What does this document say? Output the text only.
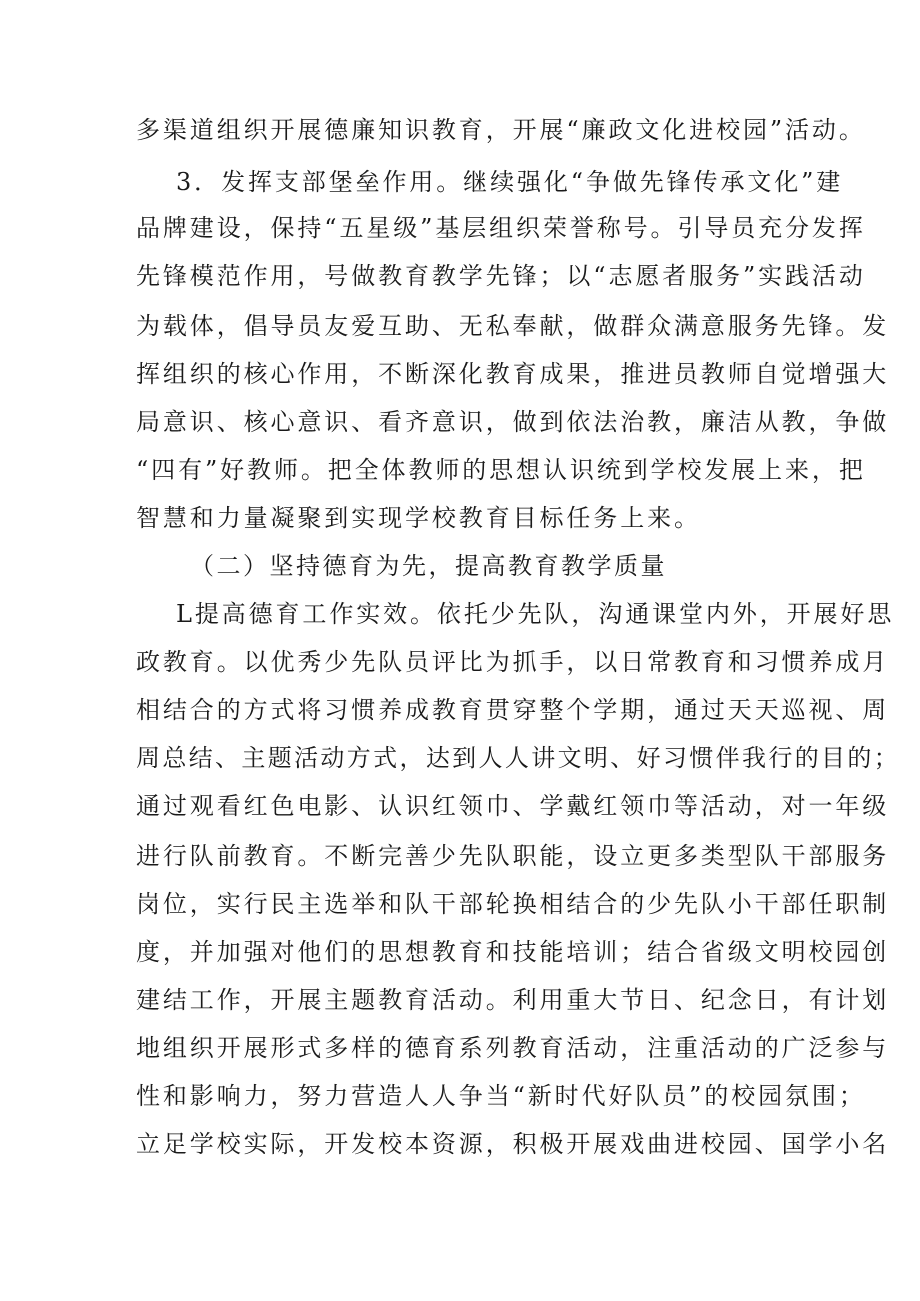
多渠道组织开展德廉知识教育，开展“廉政文化进校园”活动。
3．发挥支部堡垒作用。继续强化“争做先锋传承文化”建
品牌建设，保持“五星级”基层组织荣誉称号。引导员充分发挥
先锋模范作用，号做教育教学先锋；以“志愿者服务”实践活动
为载体，倡导员友爱互助、无私奉献，做群众满意服务先锋。发
挥组织的核心作用，不断深化教育成果，推进员教师自觉增强大
局意识、核心意识、看齐意识，做到依法治教，廉洁从教，争做
“四有”好教师。把全体教师的思想认识统到学校发展上来，把
智慧和力量凝聚到实现学校教育目标任务上来。
（二）坚持德育为先，提高教育教学质量
L提高德育工作实效。依托少先队，沟通课堂内外，开展好思
政教育。以优秀少先队员评比为抓手，以日常教育和习惯养成月
相结合的方式将习惯养成教育贯穿整个学期，通过天天巡视、周
周总结、主题活动方式，达到人人讲文明、好习惯伴我行的目的；
通过观看红色电影、认识红领巾、学戴红领巾等活动，对一年级
进行队前教育。不断完善少先队职能，设立更多类型队干部服务
岗位，实行民主选举和队干部轮换相结合的少先队小干部任职制
度，并加强对他们的思想教育和技能培训；结合省级文明校园创
建结工作，开展主题教育活动。利用重大节日、纪念日，有计划
地组织开展形式多样的德育系列教育活动，注重活动的广泛参与
性和影响力，努力营造人人争当“新时代好队员”的校园氛围；
立足学校实际，开发校本资源，积极开展戏曲进校园、国学小名
